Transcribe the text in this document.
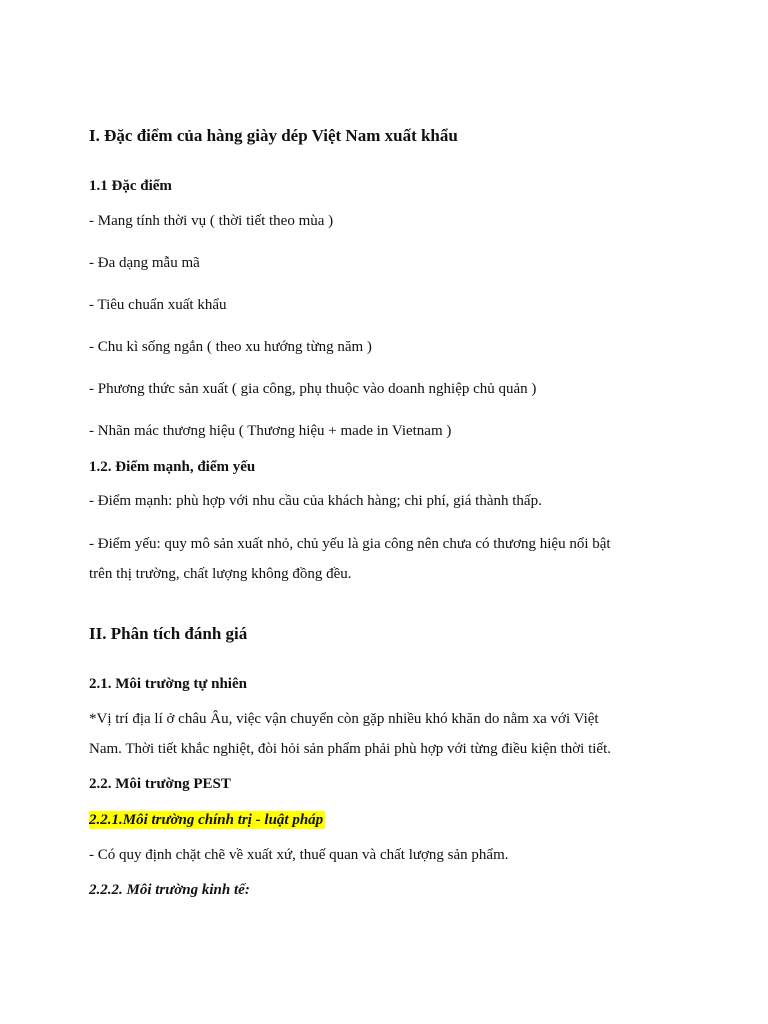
I. Đặc điểm của hàng giày dép Việt Nam xuất khẩu
1.1 Đặc điểm
- Mang tính thời vụ ( thời tiết theo mùa )
- Đa dạng mẫu mã
- Tiêu chuẩn xuất khẩu
- Chu kì sống ngắn ( theo xu hướng từng năm )
- Phương thức sản xuất ( gia công, phụ thuộc vào doanh nghiệp chủ quản )
- Nhãn mác thương hiệu ( Thương hiệu + made in Vietnam )
1.2. Điểm mạnh, điểm yếu
- Điểm mạnh: phù hợp với nhu cầu của khách hàng; chi phí, giá thành thấp.
- Điểm yếu: quy mô sản xuất nhỏ, chủ yếu là gia công nên chưa có thương hiệu nổi bật
trên thị trường, chất lượng không đồng đều.
II. Phân tích đánh giá
2.1. Môi trường tự nhiên
*Vị trí địa lí ở châu Âu, việc vận chuyển còn gặp nhiều khó khăn do nằm xa với Việt
Nam. Thời tiết khắc nghiệt, đòi hỏi sản phẩm phải phù hợp với từng điều kiện thời tiết.
2.2. Môi trường PEST
2.2.1.Môi trường chính trị - luật pháp
- Có quy định chặt chẽ về xuất xứ, thuế quan và chất lượng sản phẩm.
2.2.2. Môi trường kinh tế:
